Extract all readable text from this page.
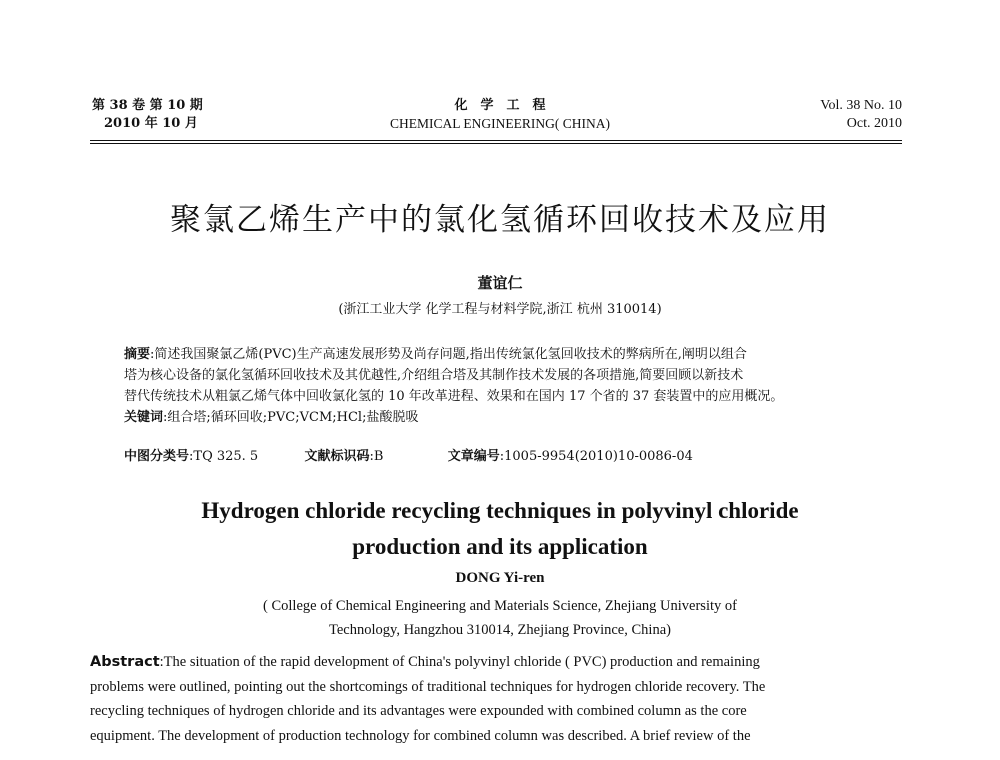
第 38 卷 第 10 期
2010 年 10 月
化　学　工　程
CHEMICAL ENGINEERING( CHINA)
Vol. 38 No. 10
Oct. 2010
聚氯乙烯生产中的氯化氢循环回收技术及应用
董谊仁
(浙江工业大学 化学工程与材料学院,浙江 杭州 310014)
摘要:简述我国聚氯乙烯(PVC)生产高速发展形势及尚存问题,指出传统氯化氢回收技术的弊病所在,阐明以组合
塔为核心设备的氯化氢循环回收技术及其优越性,介绍组合塔及其制作技术发展的各项措施,简要回顾以新技术
替代传统技术从粗氯乙烯气体中回收氯化氢的 10 年改革进程、效果和在国内 17 个省的 37 套装置中的应用概况。
关键词:组合塔;循环回收;PVC;VCM;HCl;盐酸脱吸
中图分类号:TQ 325. 5	文献标识码:B	文章编号:1005-9954(2010)10-0086-04
Hydrogen chloride recycling techniques in polyvinyl chloride
production and its application
DONG Yi-ren
( College of Chemical Engineering and Materials Science, Zhejiang University of
Technology, Hangzhou 310014, Zhejiang Province, China)
Abstract:The situation of the rapid development of China's polyvinyl chloride ( PVC) production and remaining
problems were outlined, pointing out the shortcomings of traditional techniques for hydrogen chloride recovery. The
recycling techniques of hydrogen chloride and its advantages were expounded with combined column as the core
equipment. The development of production technology for combined column was described. A brief review of the
